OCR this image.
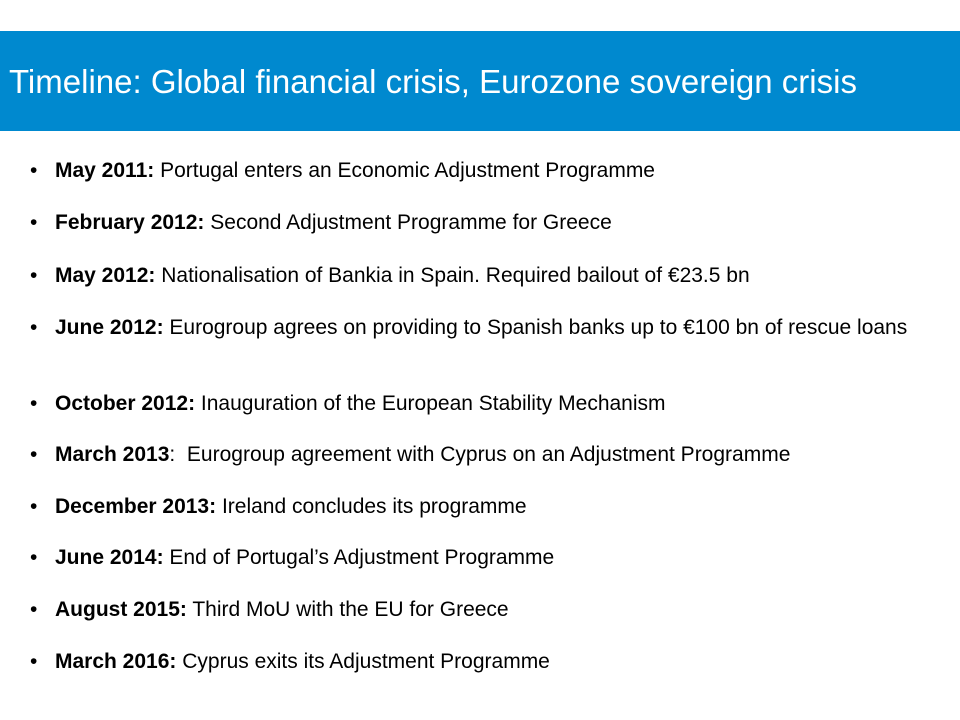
Timeline: Global financial crisis, Eurozone sovereign crisis
• May 2011: Portugal enters an Economic Adjustment Programme
• February 2012: Second Adjustment Programme for Greece
• May 2012: Nationalisation of Bankia in Spain. Required bailout of €23.5 bn
• June 2012: Eurogroup agrees on providing to Spanish banks up to €100 bn of rescue loans
• October 2012: Inauguration of the European Stability Mechanism
• March 2013:  Eurogroup agreement with Cyprus on an Adjustment Programme
• December 2013: Ireland concludes its programme
• June 2014: End of Portugal’s Adjustment Programme
• August 2015: Third MoU with the EU for Greece
• March 2016: Cyprus exits its Adjustment Programme
